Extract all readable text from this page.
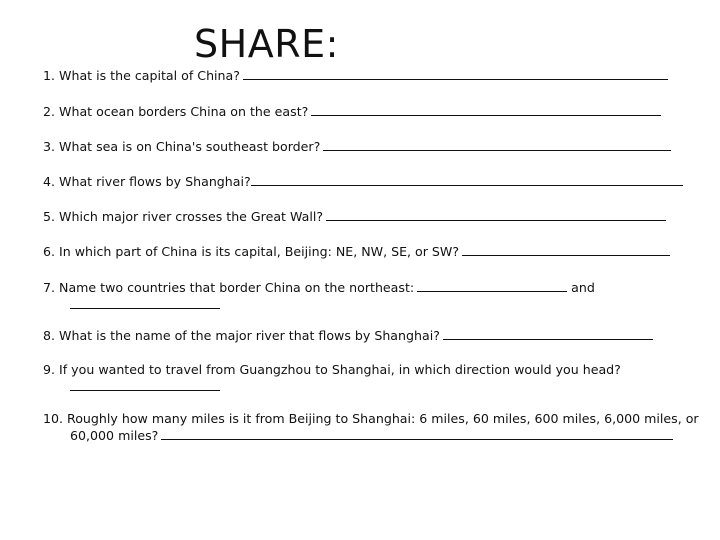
SHARE:
1. What is the capital of China?
2. What ocean borders China on the east?
3. What sea is on China's southeast border?
4. What river flows by Shanghai?
5. Which major river crosses the Great Wall?
6. In which part of China is its capital, Beijing: NE, NW, SE, or SW?
7. Name two countries that border China on the northeast:	and
8. What is the name of the major river that flows by Shanghai?
9. If you wanted to travel from Guangzhou to Shanghai, in which direction would you head?
10. Roughly how many miles is it from Beijing to Shanghai: 6 miles, 60 miles, 600 miles, 6,000 miles, or
60,000 miles?
